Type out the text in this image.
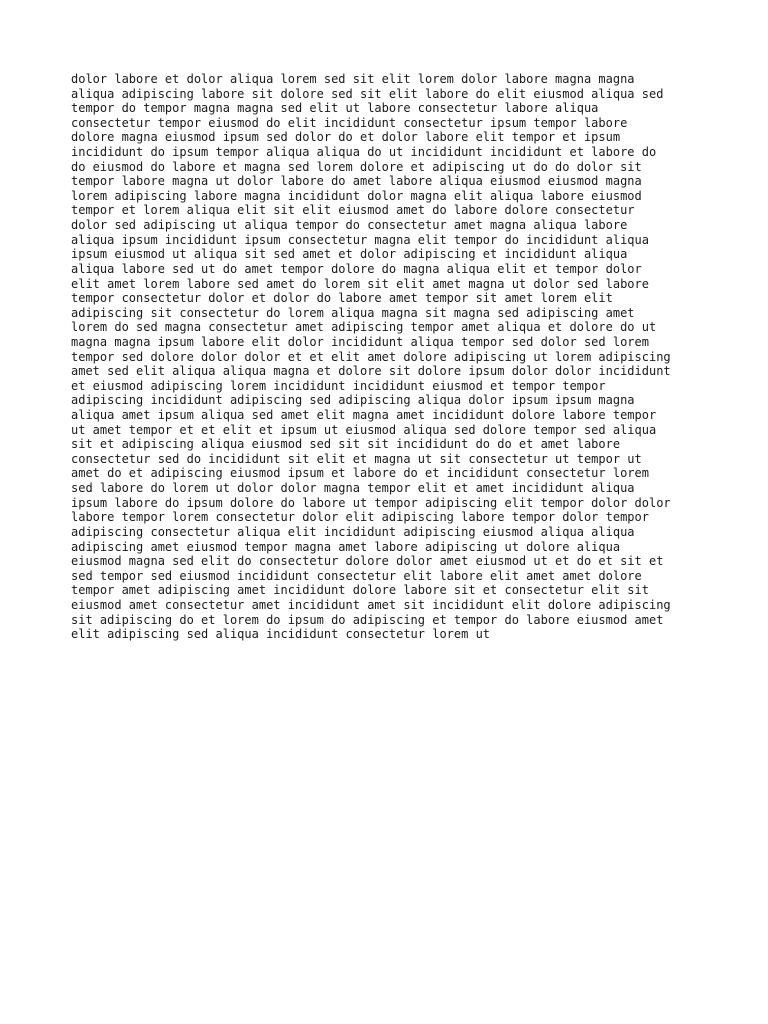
dolor labore et dolor aliqua lorem sed sit elit lorem dolor labore magna magna
aliqua adipiscing labore sit dolore sed sit elit labore do elit eiusmod aliqua sed
tempor do tempor magna magna sed elit ut labore consectetur labore aliqua
consectetur tempor eiusmod do elit incididunt consectetur ipsum tempor labore
dolore magna eiusmod ipsum sed dolor do et dolor labore elit tempor et ipsum
incididunt do ipsum tempor aliqua aliqua do ut incididunt incididunt et labore do
do eiusmod do labore et magna sed lorem dolore et adipiscing ut do do dolor sit
tempor labore magna ut dolor labore do amet labore aliqua eiusmod eiusmod magna
lorem adipiscing labore magna incididunt dolor magna elit aliqua labore eiusmod
tempor et lorem aliqua elit sit elit eiusmod amet do labore dolore consectetur
dolor sed adipiscing ut aliqua tempor do consectetur amet magna aliqua labore
aliqua ipsum incididunt ipsum consectetur magna elit tempor do incididunt aliqua
ipsum eiusmod ut aliqua sit sed amet et dolor adipiscing et incididunt aliqua
aliqua labore sed ut do amet tempor dolore do magna aliqua elit et tempor dolor
elit amet lorem labore sed amet do lorem sit elit amet magna ut dolor sed labore
tempor consectetur dolor et dolor do labore amet tempor sit amet lorem elit
adipiscing sit consectetur do lorem aliqua magna sit magna sed adipiscing amet
lorem do sed magna consectetur amet adipiscing tempor amet aliqua et dolore do ut
magna magna ipsum labore elit dolor incididunt aliqua tempor sed dolor sed lorem
tempor sed dolore dolor dolor et et elit amet dolore adipiscing ut lorem adipiscing
amet sed elit aliqua aliqua magna et dolore sit dolore ipsum dolor dolor incididunt
et eiusmod adipiscing lorem incididunt incididunt eiusmod et tempor tempor
adipiscing incididunt adipiscing sed adipiscing aliqua dolor ipsum ipsum magna
aliqua amet ipsum aliqua sed amet elit magna amet incididunt dolore labore tempor
ut amet tempor et et elit et ipsum ut eiusmod aliqua sed dolore tempor sed aliqua
sit et adipiscing aliqua eiusmod sed sit sit incididunt do do et amet labore
consectetur sed do incididunt sit elit et magna ut sit consectetur ut tempor ut
amet do et adipiscing eiusmod ipsum et labore do et incididunt consectetur lorem
sed labore do lorem ut dolor dolor magna tempor elit et amet incididunt aliqua
ipsum labore do ipsum dolore do labore ut tempor adipiscing elit tempor dolor dolor
labore tempor lorem consectetur dolor elit adipiscing labore tempor dolor tempor
adipiscing consectetur aliqua elit incididunt adipiscing eiusmod aliqua aliqua
adipiscing amet eiusmod tempor magna amet labore adipiscing ut dolore aliqua
eiusmod magna sed elit do consectetur dolore dolor amet eiusmod ut et do et sit et
sed tempor sed eiusmod incididunt consectetur elit labore elit amet amet dolore
tempor amet adipiscing amet incididunt dolore labore sit et consectetur elit sit
eiusmod amet consectetur amet incididunt amet sit incididunt elit dolore adipiscing
sit adipiscing do et lorem do ipsum do adipiscing et tempor do labore eiusmod amet
elit adipiscing sed aliqua incididunt consectetur lorem ut
